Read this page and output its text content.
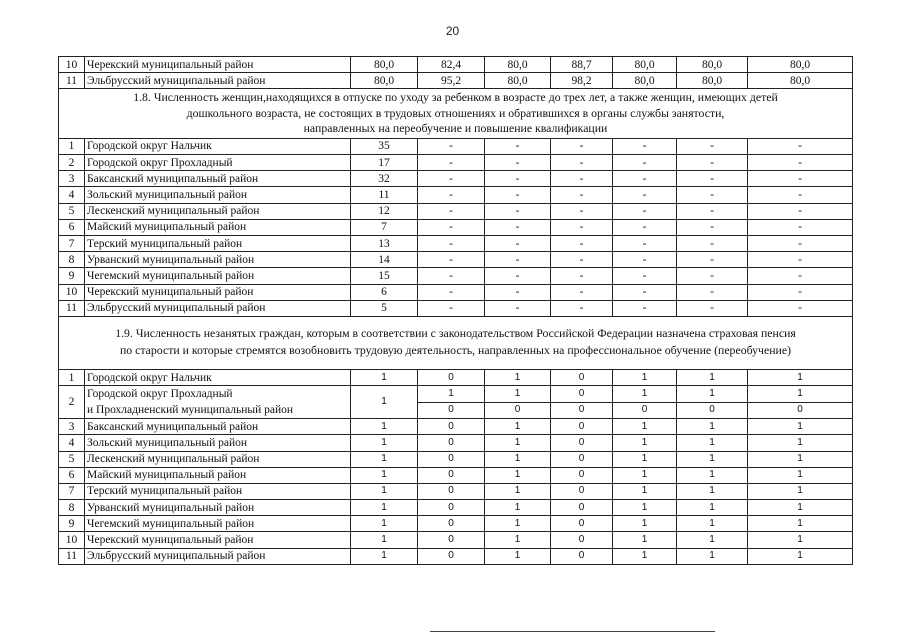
20
10	Черекский муниципальный район	80,0	82,4	80,0	88,7	80,0	80,0	80,0
11	Эльбрусский муниципальный район	80,0	95,2	80,0	98,2	80,0	80,0	80,0

1.8. Численность женщин,находящихся в отпуске по уходу за ребенком в возрасте до трех лет, а также женщин, имеющих детей
дошкольного возраста, не состоящих в трудовых отношениях и обратившихся в органы службы занятости,
направленных на переобучение и повышение квалификации								

1	Городской округ Нальчик	35	-	-	-	-	-	-
2	Городской округ Прохладный	17	-	-	-	-	-	-
3	Баксанский муниципальный район	32	-	-	-	-	-	-
4	Зольский муниципальный район	11	-	-	-	-	-	-
5	Лескенский муниципальный район	12	-	-	-	-	-	-
6	Майский муниципальный район	7	-	-	-	-	-	-
7	Терский муниципальный район	13	-	-	-	-	-	-
8	Урванский муниципальный район	14	-	-	-	-	-	-
9	Чегемский муниципальный район	15	-	-	-	-	-	-
10	Черекский муниципальный район	6	-	-	-	-	-	-
11	Эльбрусский муниципальный район	5	-	-	-	-	-	-

1.9. Численность незанятых граждан, которым в соответствии с законодательством Российской Федерации назначена страховая пенсия
по старости и которые стремятся возобновить трудовую деятельность, направленных на профессиональное обучение (переобучение)								

1	Городской округ Нальчик	1	0	1	0	1	1	1
2	Городской округ Прохладный
и Прохладненский муниципальный район	1	1	1	0	1	1	1
			0	0	0	0	0	0
3	Баксанский муниципальный район	1	0	1	0	1	1	1
4	Зольский муниципальный район	1	0	1	0	1	1	1
5	Лескенский муниципальный район	1	0	1	0	1	1	1
6	Майский муниципальный район	1	0	1	0	1	1	1
7	Терский муниципальный район	1	0	1	0	1	1	1
8	Урванский муниципальный район	1	0	1	0	1	1	1
9	Чегемский муниципальный район	1	0	1	0	1	1	1
10	Черекский муниципальный район	1	0	1	0	1	1	1
11	Эльбрусский муниципальный район	1	0	1	0	1	1	1
